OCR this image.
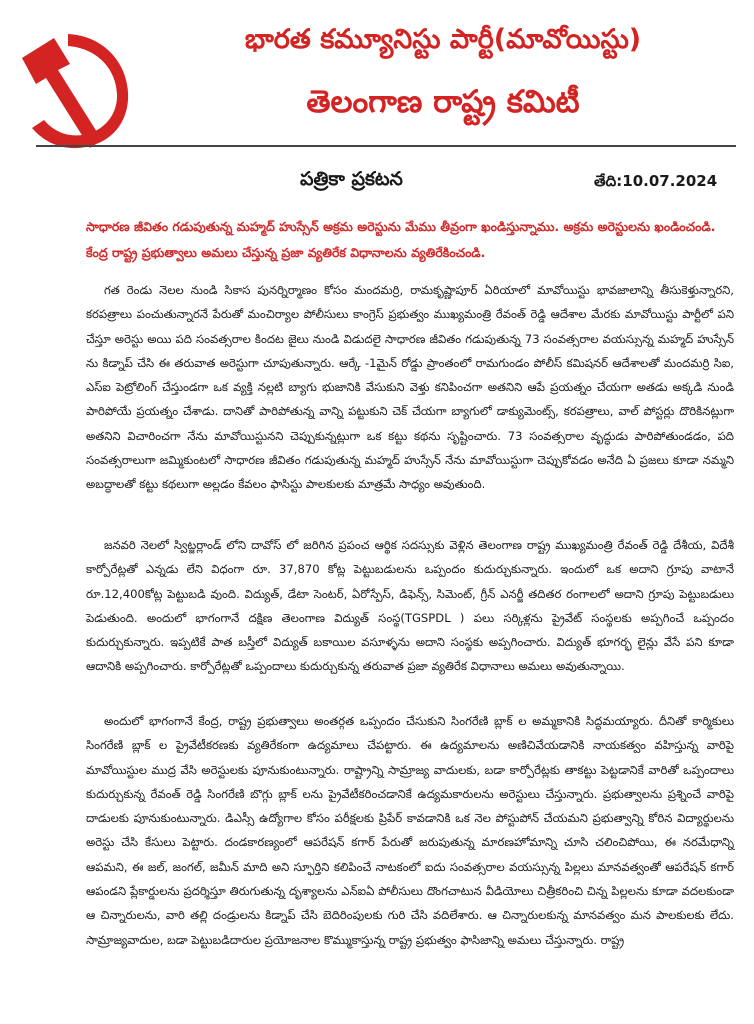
భారత కమ్యూనిస్టు పార్టీ(మావోయిస్టు)
తెలంగాణ రాష్ట్ర కమిటీ
పత్రికా ప్రకటన	తేది:10.07.2024
సాధారణ జీవితం గడుపుతున్న మహ్మద్ హుస్సేన్ అక్రమ అరెస్టును మేము తీవ్రంగా ఖండిస్తున్నాము. అక్రమ అరెస్టులను ఖండించండి. కేంద్ర రాష్ట్ర ప్రభుత్వాలు అమలు చేస్తున్న ప్రజా వ్యతిరేక విధానాలను వ్యతిరేకించండి.
గత రెండు నెలల నుండి సికాస పునర్నిర్మాణం కోసం మందమర్రి, రామకృష్ణాపూర్ ఏరియాలో మావోయిస్టు భావజాలాన్ని తీసుకెళ్తున్నారని, కరపత్రాలు పంచుతున్నారనే పేరుతో మంచిర్యాల పోలీసులు కాంగ్రెస్ ప్రభుత్వం ముఖ్యమంత్రి రేవంత్ రెడ్డి ఆదేశాల మేరకు మావోయిస్టు పార్టీలో పని చేస్తూ అరెస్టు అయి పది సంవత్సరాల కిందట జైలు నుండి విడుదలై సాధారణ జీవితం గడుపుతున్న 73 సంవత్సరాల వయస్సున్న మహ్మద్ హుస్సేన్ ను కిడ్నాప్ చేసి ఈ తరువాత అరెస్టుగా చూపుతున్నారు. ఆర్కే -1మైన్ రోడ్డు ప్రాంతంలో రామగుండం పోలీస్ కమిషనర్ ఆదేశాలతో మందమర్రి సిఐ, ఎస్ఐ పెట్రోలింగ్ చేస్తుండగా ఒక వ్యక్తి నల్లటి బ్యాగు భుజానికి వేసుకుని వెళ్తు కనిపించగా అతనిని ఆపే ప్రయత్నం చేయగా అతడు అక్కడి నుండి పారిపోయే ప్రయత్నం చేశాడు. దానితో పారిపోతున్న వాన్ని పట్టుకుని చెక్ చేయగా బ్యాగులో డాక్యుమెంట్స్, కరపత్రాలు, వాల్ పోస్టర్లు దొరికినట్లుగా అతనిని విచారించగా నేను మావోయిస్టునని చెప్పుకున్నట్లుగా ఒక కట్టు కథను సృష్టించారు. 73 సంవత్సరాల వృద్ధుడు పారిపోతుండడం, పది సంవత్సరాలుగా జమ్మికుంటలో సాధారణ జీవితం గడుపుతున్న మహ్మద్ హుస్సేన్ నేను మావోయిస్టుగా చెప్పుకోవడం అనేది ఏ ప్రజలు కూడా నమ్మని అబద్ధాలతో కట్టు కథలుగా అల్లడం కేవలం ఫాసిస్టు పాలకులకు మాత్రమే సాధ్యం అవుతుంది.
జనవరి నెలలో స్విట్జర్లాండ్ లోని దావోస్ లో జరిగిన ప్రపంచ ఆర్థిక సదస్సుకు వెళ్లిన తెలంగాణ రాష్ట్ర ముఖ్యమంత్రి రేవంత్ రెడ్డి దేశీయ, విదేశీ కార్పోరేట్లతో ఎన్నడు లేని విధంగా రూ. 37,870 కోట్ల పెట్టుబడులను ఒప్పందం కుదుర్చుకున్నారు. ఇందులో ఒక అదాని గ్రూపు వాటానే రూ.12,400కోట్ల పెట్టుబడి వుంది. విద్యుత్, డేటా సెంటర్, ఏరోస్పేస్, డిఫెన్స్, సిమెంట్, గ్రీన్ ఎనర్జీ తదితర రంగాలలో అదాని గ్రూపు పెట్టుబడులు పెడుతుంది. అందులో భాగంగానే దక్షిణ తెలంగాణ విద్యుత్ సంస్థ(TGSPDL ) పలు సర్కిళ్లను ప్రైవేట్ సంస్థలకు అప్పగించే ఒప్పందం కుదుర్చుకున్నారు. ఇప్పటికే పాత బస్తీలో విద్యుత్ బకాయిల వసూళ్ళను అదాని సంస్థకు అప్పగించారు. విద్యుత్ భూగర్భ లైన్లు వేసే పని కూడా ఆదానికి అప్పగించారు. కార్పోరేట్లతో ఒప్పందాలు కుదుర్చుకున్న తరువాత ప్రజా వ్యతిరేక విధానాలు అమలు అవుతున్నాయి.
అందులో భాగంగానే కేంద్ర, రాష్ట్ర ప్రభుత్వాలు అంతర్గత ఒప్పందం చేసుకుని సింగరేణి బ్లాక్ ల అమ్మకానికి సిద్ధమయ్యారు. దీనితో కార్మికులు సింగరేణి బ్లాక్ ల ప్రైవేటీకరణకు వ్యతిరేకంగా ఉద్యమాలు చేపట్టారు. ఈ ఉద్యమాలను అణిచివేయడానికి నాయకత్వం వహిస్తున్న వారిపై మావోయిస్టుల ముద్ర వేసి అరెస్టులకు పూనుకుంటున్నారు. రాష్ట్రాన్ని సామ్రాజ్య వాదులకు, బడా కార్పోరేట్లకు తాకట్టు పెట్టడానికే వారితో ఒప్పందాలు కుదుర్చుకున్న రేవంత్ రెడ్డి సింగరేణి బొగ్గు బ్లాక్ లను ప్రైవేటీకరించడానికే ఉద్యమకారులను అరెస్టులు చేస్తున్నారు. ప్రభుత్వాలను ప్రశ్నించే వారిపై దాడులకు పూనుకుంటున్నారు. డిఎస్సీ ఉద్యోగాల కోసం పరీక్షలకు ప్రిపేర్ కావడానికి ఒక నెల పోస్టుపోన్ చేయమని ప్రభుత్వాన్ని కోరిన విద్యార్థులను అరెస్టు చేసి కేసులు పెట్టారు. దండకారణ్యంలో ఆపరేషన్ కగార్ పేరుతో జరుపుతున్న మారణహోమాన్ని చూసి చలించిపోయి, ఈ నరమేధాన్ని ఆపమని, ఈ జల్, జంగల్, జమీన్ మాది అని స్ఫూర్తిని కలిపించే నాటకంలో ఐదు సంవత్సరాల వయస్సున్న పిల్లలు మానవత్వంతో ఆపరేషన్ కగార్ ఆపండని ప్లేకార్డులను ప్రదర్శిస్తూ తిరుగుతున్న దృశ్యాలను ఎన్ఐఏ పోలీసులు దొంగచాటున వీడియోలు చిత్రీకరించి చిన్న పిల్లలను కూడా వదలకుండా ఆ చిన్నారులను, వారి తల్లి దండ్రులను కిడ్నాప్ చేసి బెదిరింపులకు గురి చేసి వదిలేశారు. ఆ చిన్నారులకున్న మానవత్వం మన పాలకులకు లేదు. సామ్రాజ్యవాదుల, బడా పెట్టుబడిదారుల ప్రయోజనాల కొమ్ముకాస్తున్న రాష్ట్ర ప్రభుత్వం ఫాసిజాన్ని అమలు చేస్తున్నారు. రాష్ట్ర
